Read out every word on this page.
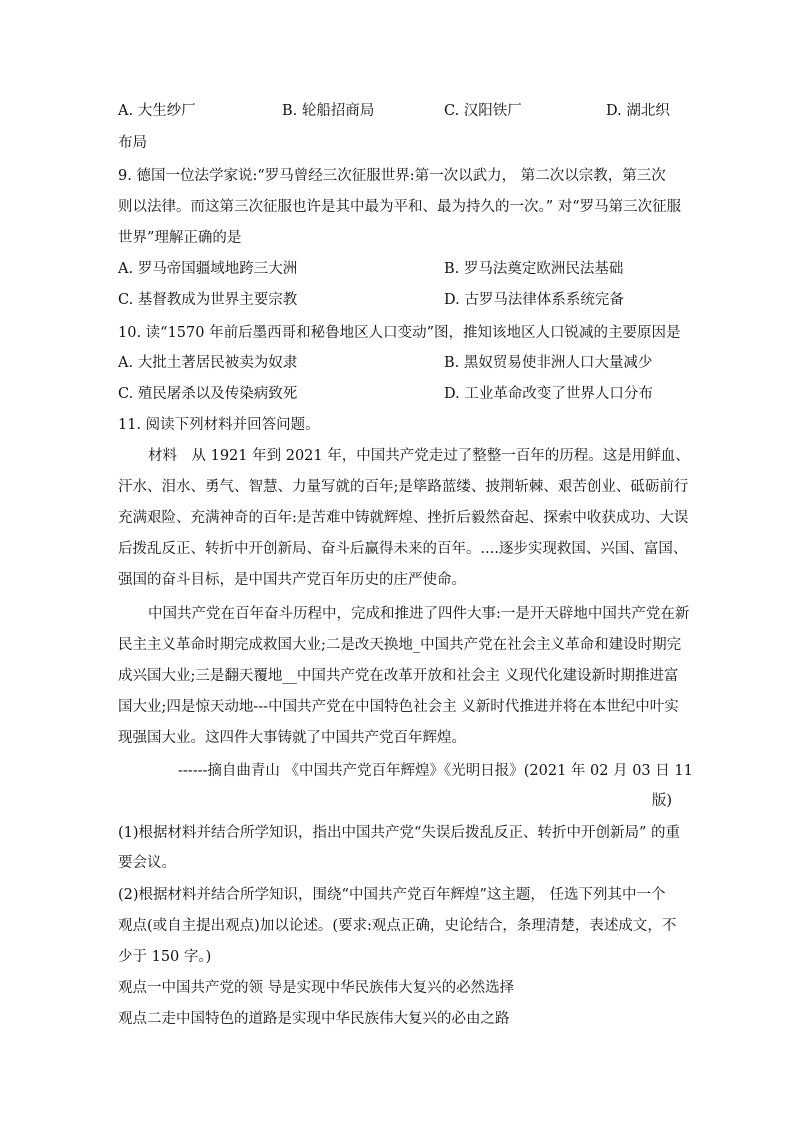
A. 大生纱厂	B. 轮船招商局	C. 汉阳铁厂	D. 湖北织
布局
9. 德国一位法学家说:“罗马曾经三次征服世界:第一次以武力， 第二次以宗教，第三次
则以法律。而这第三次征服也许是其中最为平和、最为持久的一次。” 对“罗马第三次征服
世界”理解正确的是
A. 罗马帝国疆域地跨三大洲	B. 罗马法奠定欧洲民法基础
C. 基督教成为世界主要宗教	D. 古罗马法律体系系统完备
10. 读“1570 年前后墨西哥和秘鲁地区人口变动”图，推知该地区人口锐减的主要原因是
A. 大批土著居民被卖为奴隶	B. 黑奴贸易使非洲人口大量减少
C. 殖民屠杀以及传染病致死	D. 工业革命改变了世界人口分布
11. 阅读下列材料并回答问题。
材料　从 1921 年到 2021 年，中国共产党走过了整整一百年的历程。这是用鲜血、
汗水、泪水、勇气、智慧、力量写就的百年;是筚路蓝缕、披荆斩棘、艰苦创业、砥砺前行
充满艰险、充满神奇的百年:是苦难中铸就辉煌、挫折后毅然奋起、探索中收获成功、大误
后拨乱反正、转折中开创新局、奋斗后赢得未来的百年。....逐步实现救国、兴国、富国、
强国的奋斗目标，是中国共产党百年历史的庄严使命。
中国共产党在百年奋斗历程中，完成和推进了四件大事:一是开天辟地中国共产党在新
民主主义革命时期完成救国大业;二是改天换地_中国共产党在社会主义革命和建设时期完
成兴国大业;三是翻天覆地__中国共产党在改革开放和社会主 义现代化建设新时期推进富
国大业;四是惊天动地---中国共产党在中国特色社会主 义新时代推进并将在本世纪中叶实
现强国大业。这四件大事铸就了中国共产党百年辉煌。
------摘自曲青山 《中国共产党百年辉煌》《光明日报》(2021 年 02 月 03 日 11
版)
(1)根据材料并结合所学知识，指出中国共产党“失误后拨乱反正、转折中开创新局” 的重
要会议。
(2)根据材料并结合所学知识，围绕“中国共产党百年辉煌”这主题， 任选下列其中一个
观点(或自主提出观点)加以论述。(要求:观点正确，史论结合，条理清楚，表述成文，不
少于 150 字。)
观点一中国共产党的领 导是实现中华民族伟大复兴的必然选择
观点二走中国特色的道路是实现中华民族伟大复兴的必由之路
